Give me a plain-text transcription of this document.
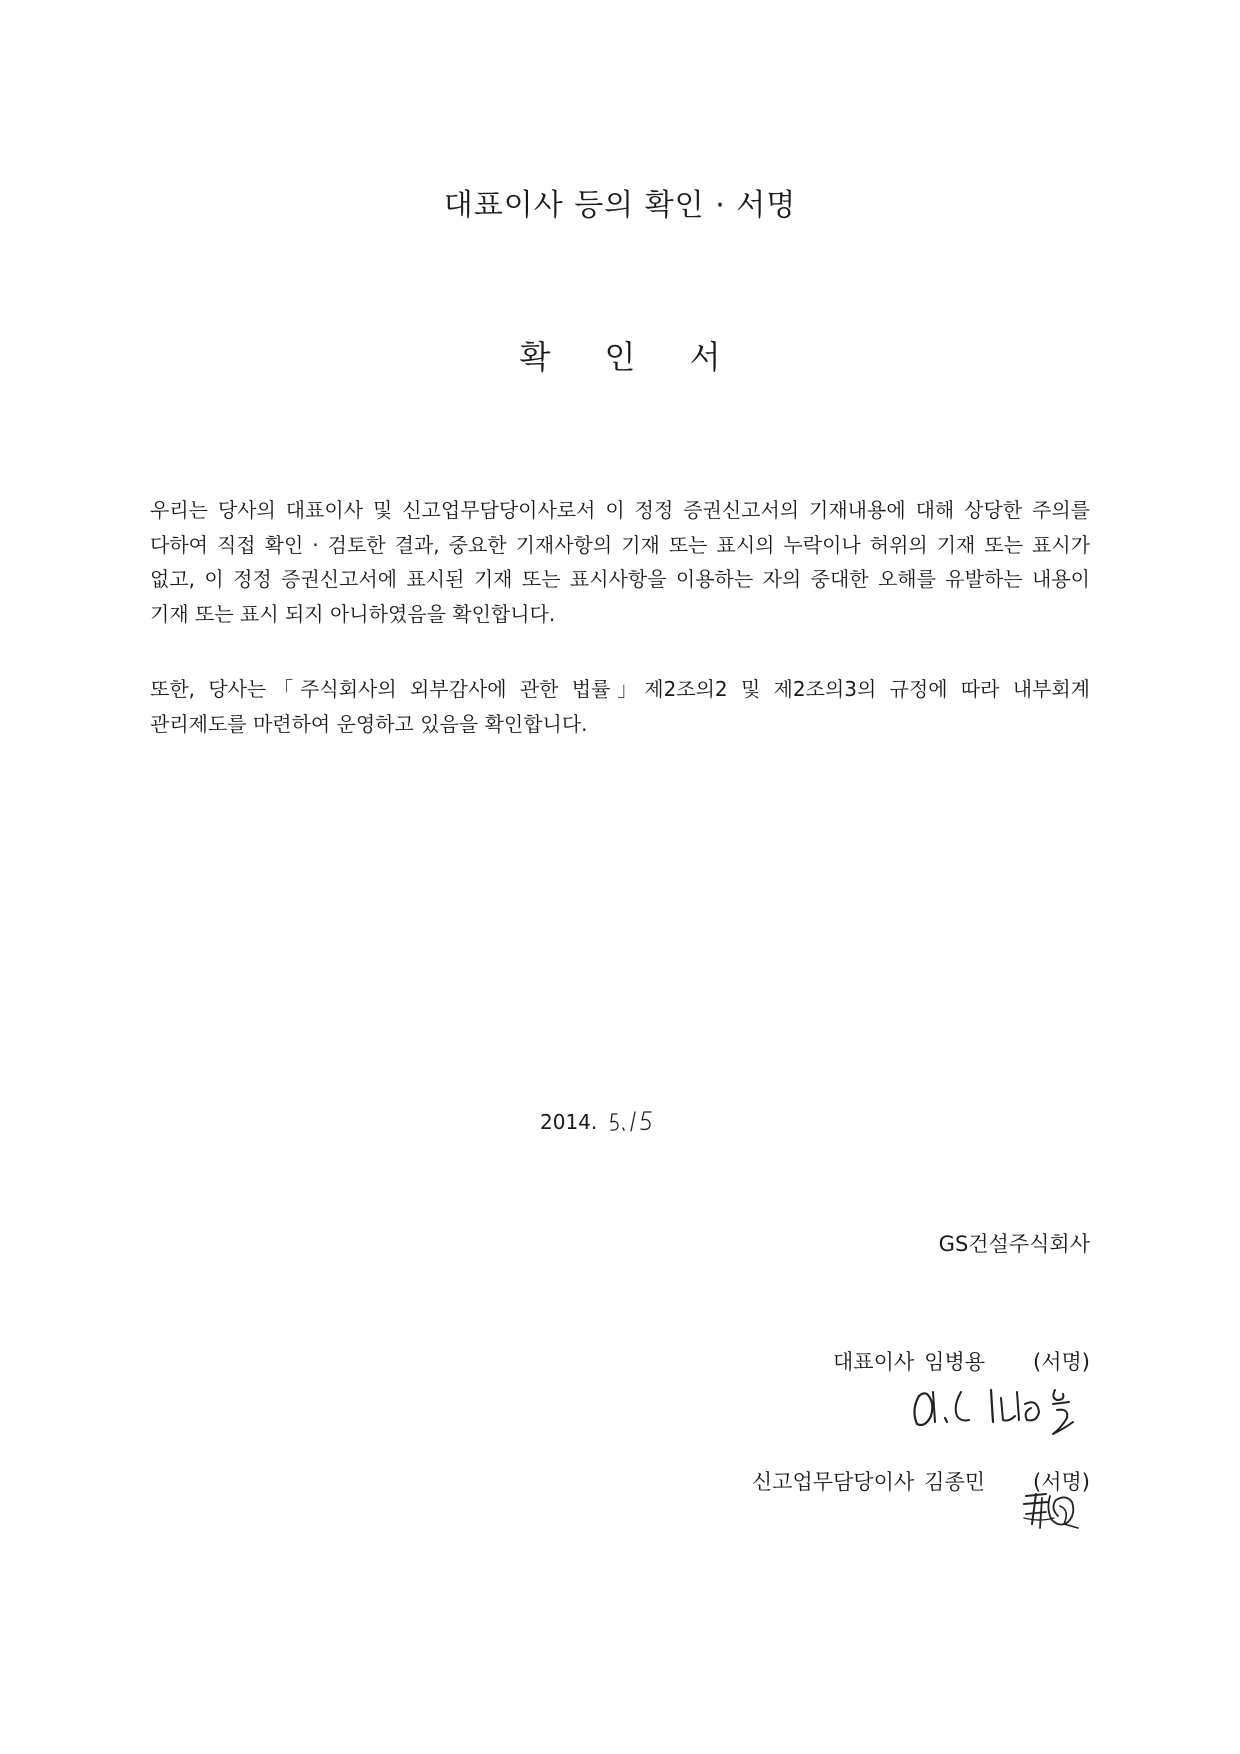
대표이사 등의 확인 · 서명
확 인 서
우리는 당사의 대표이사 및 신고업무담당이사로서 이 정정 증권신고서의 기재내용에 대해 상당한 주의를 다하여 직접 확인 · 검토한 결과, 중요한 기재사항의 기재 또는 표시의 누락이나 허위의 기재 또는 표시가 없고, 이 정정 증권신고서에 표시된 기재 또는 표시사항을 이용하는 자의 중대한 오해를 유발하는 내용이 기재 또는 표시 되지 아니하였음을 확인합니다.
또한, 당사는「주식회사의 외부감사에 관한 법률」제2조의2 및 제2조의3의 규정에 따라 내부회계 관리제도를 마련하여 운영하고 있음을 확인합니다.
2014.
GS건설주식회사
대표이사 임병용 (서명)
신고업무담당이사 김종민 (서명)
